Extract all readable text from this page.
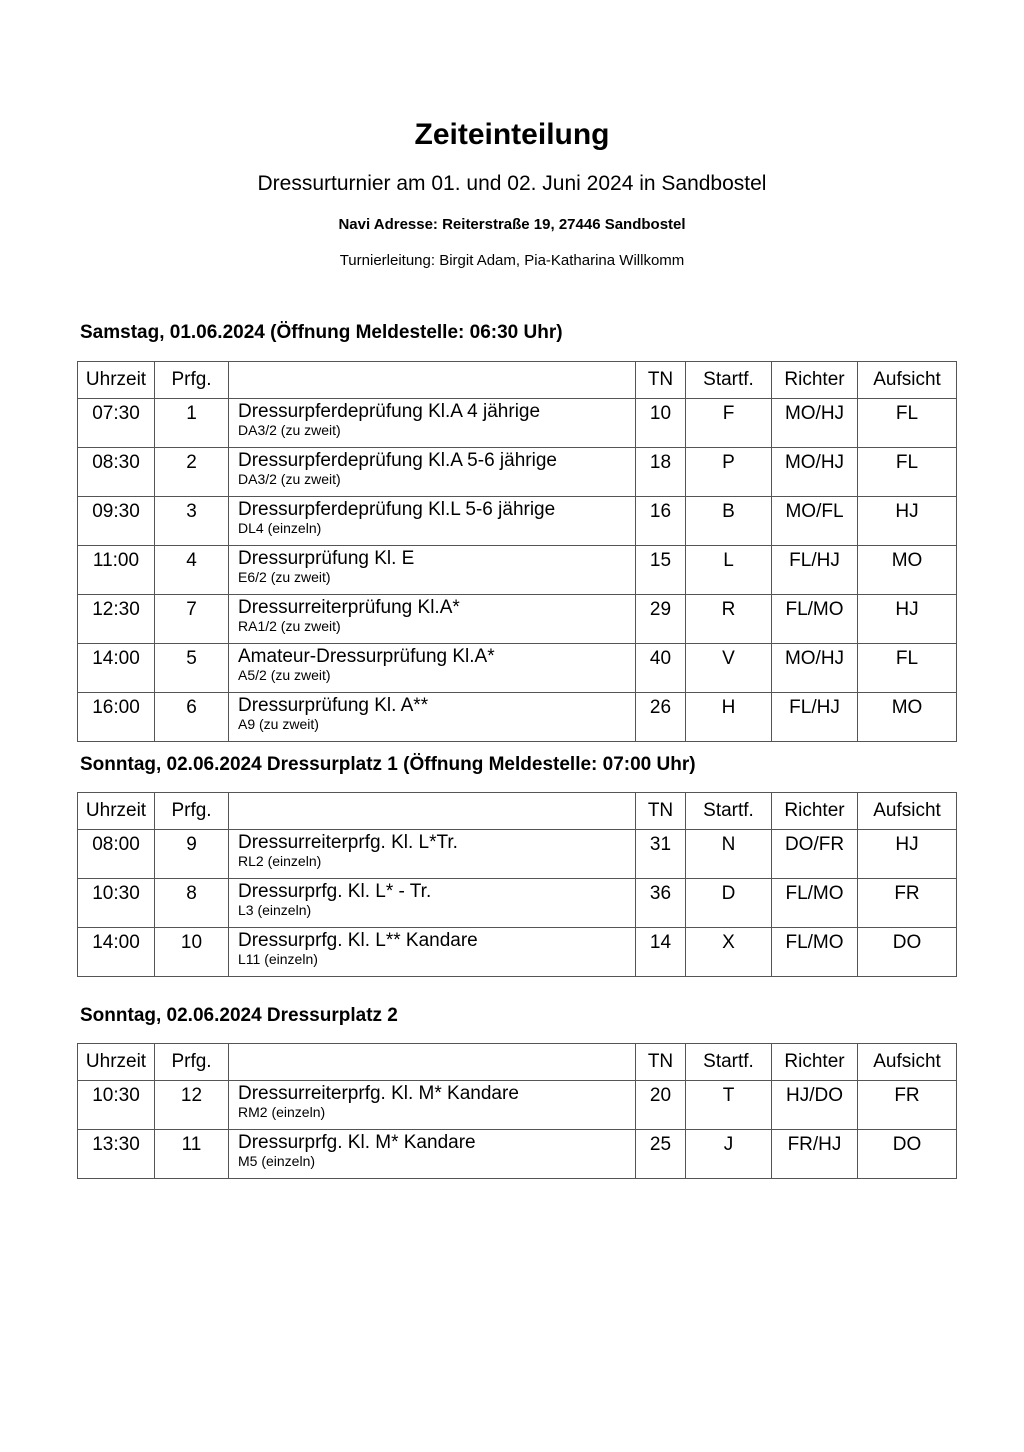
Zeiteinteilung
Dressurturnier am 01. und 02. Juni 2024 in Sandbostel
Navi Adresse: Reiterstraße 19, 27446 Sandbostel
Turnierleitung: Birgit Adam, Pia-Katharina Willkomm
Samstag, 01.06.2024 (Öffnung Meldestelle: 06:30 Uhr)
Uhrzeit	Prfg.		TN	Startf.	Richter	Aufsicht
07:30	1	Dressurpferdeprüfung Kl.A 4 jährige
DA3/2 (zu zweit)	10	F	MO/HJ	FL
08:30	2	Dressurpferdeprüfung Kl.A 5-6 jährige
DA3/2 (zu zweit)	18	P	MO/HJ	FL
09:30	3	Dressurpferdeprüfung Kl.L 5-6 jährige
DL4 (einzeln)	16	B	MO/FL	HJ
11:00	4	Dressurprüfung Kl. E
E6/2 (zu zweit)	15	L	FL/HJ	MO
12:30	7	Dressurreiterprüfung Kl.A*
RA1/2 (zu zweit)	29	R	FL/MO	HJ
14:00	5	Amateur-Dressurprüfung Kl.A*
A5/2 (zu zweit)	40	V	MO/HJ	FL
16:00	6	Dressurprüfung Kl. A**
A9 (zu zweit)	26	H	FL/HJ	MO
Sonntag, 02.06.2024 Dressurplatz 1 (Öffnung Meldestelle: 07:00 Uhr)
Uhrzeit	Prfg.		TN	Startf.	Richter	Aufsicht
08:00	9	Dressurreiterprfg. Kl. L*Tr.
RL2 (einzeln)	31	N	DO/FR	HJ
10:30	8	Dressurprfg. Kl. L* - Tr.
L3 (einzeln)	36	D	FL/MO	FR
14:00	10	Dressurprfg. Kl. L** Kandare
L11 (einzeln)	14	X	FL/MO	DO
Sonntag, 02.06.2024 Dressurplatz 2
Uhrzeit	Prfg.		TN	Startf.	Richter	Aufsicht
10:30	12	Dressurreiterprfg. Kl. M* Kandare
RM2 (einzeln)	20	T	HJ/DO	FR
13:30	11	Dressurprfg. Kl. M* Kandare
M5 (einzeln)	25	J	FR/HJ	DO
